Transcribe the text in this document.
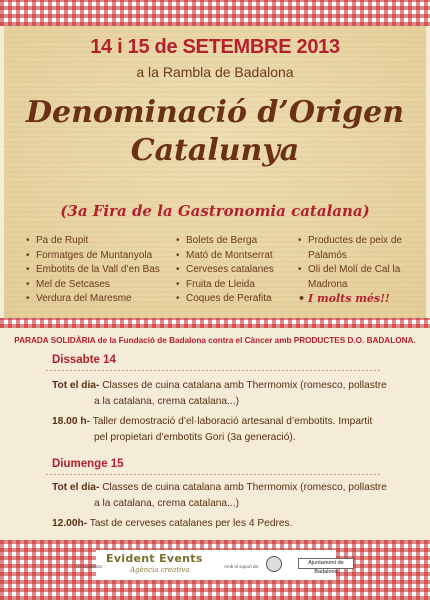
14 i 15 de SETEMBRE 2013
a la Rambla de Badalona
Denominació d’Origen
Catalunya
(3a Fira de la Gastronomia catalana)
• Pa de Rupit
• Formatges de Muntanyola
• Embotits de la Vall d’en Bas
• Mel de Setcases
• Verdura del Maresme
• Bolets de Berga
• Mató de Montserrat
• Cerveses catalanes
• Fruita de Lleida
• Coques de Perafita
• Productes de peix de
Palamós
• Oli del Molí de Cal la
Madrona
• I molts més!!
PARADA SOLIDÀRIA de la Fundació de Badalona contra el Càncer amb PRODUCTES D.O. BADALONA.
Dissabte 14
Tot el dia- Classes de cuina catalana amb Thermomix (romesco, pollastre
a la catalana, crema catalana...)
18.00 h- Taller demostració d’el·laboració artesanal d’embotits. Impartit
pel propietari d’embotits Gori (3a generació).
Diumenge 15
Tot el dia- Classes de cuina catalana amb Thermomix (romesco, pollastre
a la catalana, crema catalana...)
12.00h- Tast de cerveses catalanes per les 4 Pedres.
Ho organitza:
Evident Events
Agència creativa	Amb el suport de:
Ajuntament de Badalona
